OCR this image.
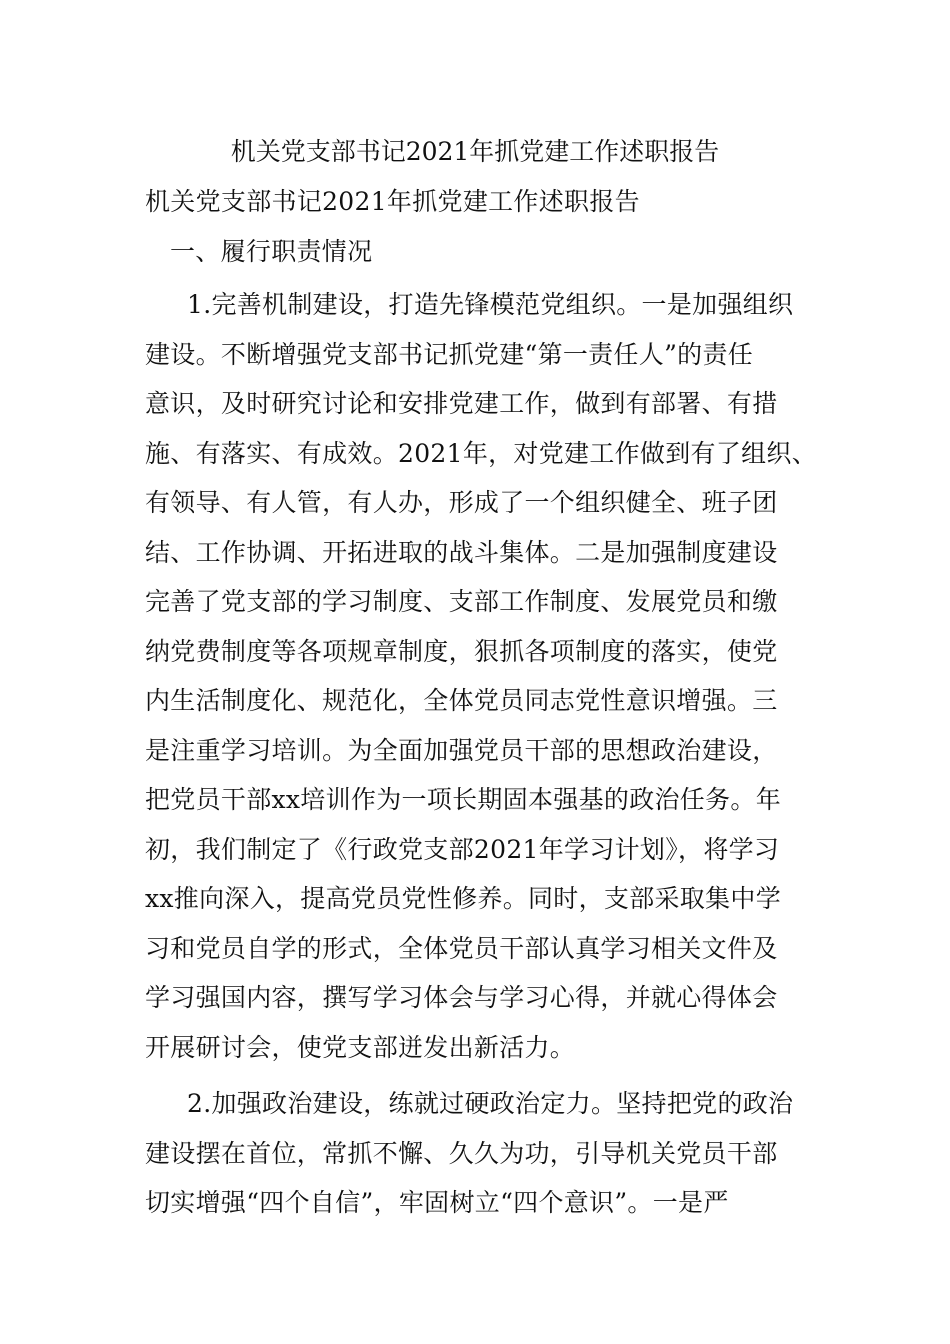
机关党支部书记2021年抓党建工作述职报告
机关党支部书记2021年抓党建工作述职报告
一、履行职责情况
1.完善机制建设，打造先锋模范党组织。一是加强组织
建设。不断增强党支部书记抓党建“第一责任人”的责任
意识，及时研究讨论和安排党建工作，做到有部署、有措
施、有落实、有成效。2021年，对党建工作做到有了组织、
有领导、有人管，有人办，形成了一个组织健全、班子团
结、工作协调、开拓进取的战斗集体。二是加强制度建设
完善了党支部的学习制度、支部工作制度、发展党员和缴
纳党费制度等各项规章制度，狠抓各项制度的落实，使党
内生活制度化、规范化，全体党员同志党性意识增强。三
是注重学习培训。为全面加强党员干部的思想政治建设，
把党员干部xx培训作为一项长期固本强基的政治任务。年
初，我们制定了《行政党支部2021年学习计划》，将学习
xx推向深入，提高党员党性修养。同时，支部采取集中学
习和党员自学的形式，全体党员干部认真学习相关文件及
学习强国内容，撰写学习体会与学习心得，并就心得体会
开展研讨会，使党支部迸发出新活力。
2.加强政治建设，练就过硬政治定力。坚持把党的政治
建设摆在首位，常抓不懈、久久为功，引导机关党员干部
切实增强“四个自信”，牢固树立“四个意识”。一是严
